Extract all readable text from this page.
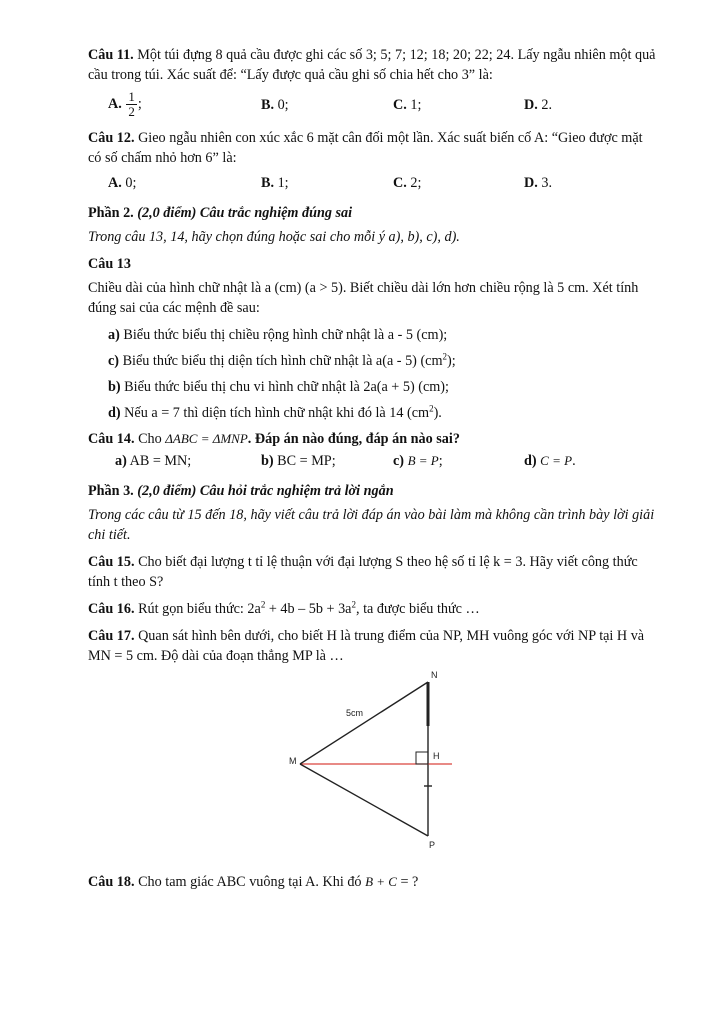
Câu 11. Một túi đựng 8 quả cầu được ghi các số 3; 5; 7; 12; 18; 20; 22; 24. Lấy ngẫu nhiên một quả cầu trong túi. Xác suất để: “Lấy được quả cầu ghi số chia hết cho 3” là:

A. $\frac{1}{2}$ ;	B. 0;	C. 1;	D. 2.

Câu 12. Gieo ngẫu nhiên con xúc xắc 6 mặt cân đối một lần. Xác suất biến cố A: “Gieo được mặt có số chấm nhỏ hơn 6” là:

A. 0;	B. 1;	C. 2;	D. 3.

Phần 2. (2,0 điểm) Câu trắc nghiệm đúng sai

Trong câu 13, 14, hãy chọn đúng hoặc sai cho mỗi ý a), b), c), d).

Câu 13

Chiều dài của hình chữ nhật là a (cm) (a > 5). Biết chiều dài lớn hơn chiều rộng là 5 cm. Xét tính đúng sai của các mệnh đề sau:

a) Biểu thức biểu thị chiều rộng hình chữ nhật là a - 5 (cm);

c) Biểu thức biểu thị diện tích hình chữ nhật là a(a - 5) $(cm^2)$;

b) Biểu thức biểu thị chu vi hình chữ nhật là 2a(a + 5) (cm);

d) Nếu a = 7 thì diện tích hình chữ nhật khi đó là 14 $(cm^2)$.

Câu 14. Cho ΔABC = ΔMNP. Đáp án nào đúng, đáp án nào sai?

a) AB = MN;	b) BC = MP;	c) B = P;	d) C = P.

Phần 3. (2,0 điểm) Câu hỏi trắc nghiệm trả lời ngắn

Trong các câu từ 15 đến 18, hãy viết câu trả lời đáp án vào bài làm mà không cần trình bày lời giải chi tiết.

Câu 15. Cho biết đại lượng t tỉ lệ thuận với đại lượng S theo hệ số tỉ lệ k = 3. Hãy viết công thức tính t theo S?

Câu 16. Rút gọn biểu thức: $2a^2 + 4b - 5b + 3a^2$, ta được biểu thức …

Câu 17. Quan sát hình bên dưới, cho biết H là trung điểm của NP, MH vuông góc với NP tại H và MN = 5 cm. Độ dài của đoạn thẳng MP là …

N
M	H
P
5cm

Câu 18. Cho tam giác ABC vuông tại A. Khi đó B + C = ?
